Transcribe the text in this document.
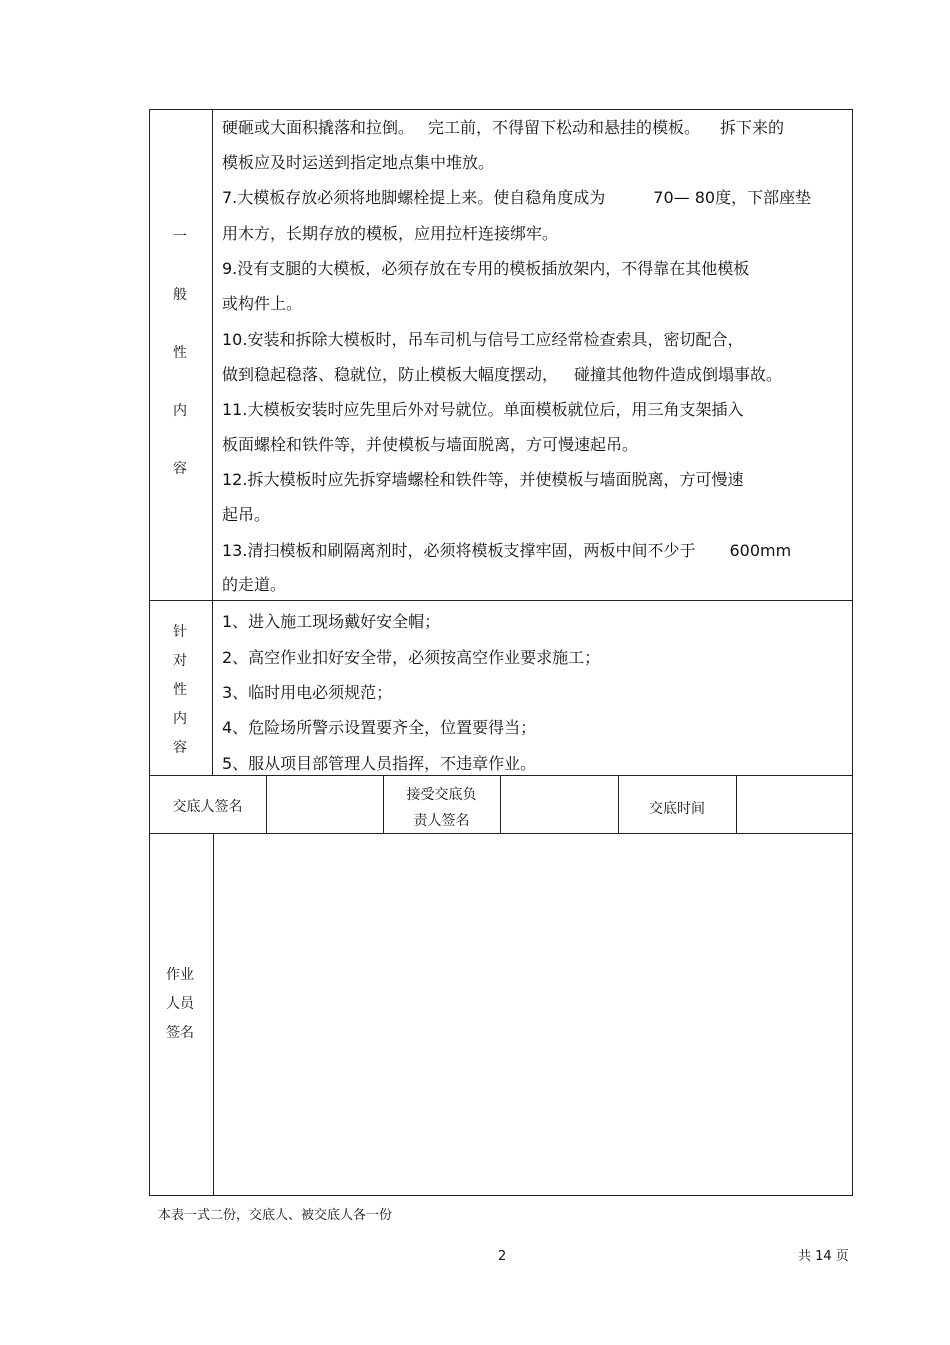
一
般
性
内
容
硬砸或大面积撬落和拉倒。 完工前，不得留下松动和悬挂的模板。 拆下来的
模板应及时运送到指定地点集中堆放。
7.大模板存放必须将地脚螺栓提上来。使自稳角度成为	70— 80度，下部座垫
用木方，长期存放的模板，应用拉杆连接绑牢。
9.没有支腿的大模板，必须存放在专用的模板插放架内，不得靠在其他模板
或构件上。
10.安装和拆除大模板时，吊车司机与信号工应经常检查索具，密切配合，
做到稳起稳落、稳就位，防止模板大幅度摆动， 碰撞其他物件造成倒塌事故。
11.大模板安装时应先里后外对号就位。单面模板就位后，用三角支架插入
板面螺栓和铁件等，并使模板与墙面脱离，方可慢速起吊。
12.拆大模板时应先拆穿墙螺栓和铁件等，并使模板与墙面脱离，方可慢速
起吊。
13.清扫模板和刷隔离剂时，必须将模板支撑牢固，两板中间不少于 600mm
的走道。
针
对
性
内
容
1、进入施工现场戴好安全帽；
2、高空作业扣好安全带，必须按高空作业要求施工；
3、临时用电必须规范；
4、危险场所警示设置要齐全，位置要得当；
5、服从项目部管理人员指挥，不违章作业。
交底人签名
接受交底负
责人签名
交底时间
作业
人员
签名
本表一式二份，交底人、被交底人各一份
2	共 14 页
